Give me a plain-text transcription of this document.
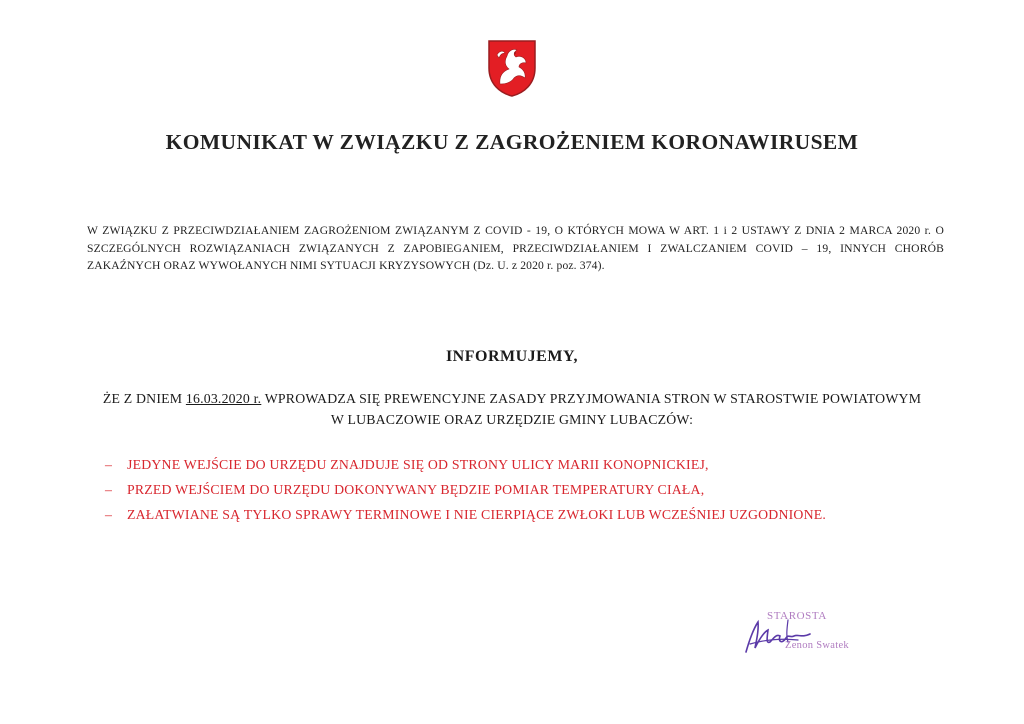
KOMUNIKAT W ZWIĄZKU Z ZAGROŻENIEM KORONAWIRUSEM
W ZWIĄZKU Z PRZECIWDZIAŁANIEM ZAGROŻENIOM ZWIĄZANYM Z COVID - 19, O KTÓRYCH MOWA W ART. 1 i 2 USTAWY Z DNIA 2 MARCA 2020 r. O SZCZEGÓLNYCH ROZWIĄZANIACH ZWIĄZANYCH Z ZAPOBIEGANIEM, PRZECIWDZIAŁANIEM I ZWALCZANIEM COVID – 19, INNYCH CHORÓB ZAKAŹNYCH ORAZ WYWOŁANYCH NIMI SYTUACJI KRYZYSOWYCH (Dz. U. z 2020 r. poz. 374).
INFORMUJEMY,
ŻE Z DNIEM 16.03.2020 r. WPROWADZA SIĘ PREWENCYJNE ZASADY PRZYJMOWANIA STRON W STAROSTWIE POWIATOWYM W LUBACZOWIE ORAZ URZĘDZIE GMINY LUBACZÓW:
– JEDYNE WEJŚCIE DO URZĘDU ZNAJDUJE SIĘ OD STRONY ULICY MARII KONOPNICKIEJ,
– PRZED WEJŚCIEM DO URZĘDU DOKONYWANY BĘDZIE POMIAR TEMPERATURY CIAŁA,
– ZAŁATWIANE SĄ TYLKO SPRAWY TERMINOWE I NIE CIERPIĄCE ZWŁOKI LUB WCZEŚNIEJ UZGODNIONE.
STAROSTA
Zenon Swatek
